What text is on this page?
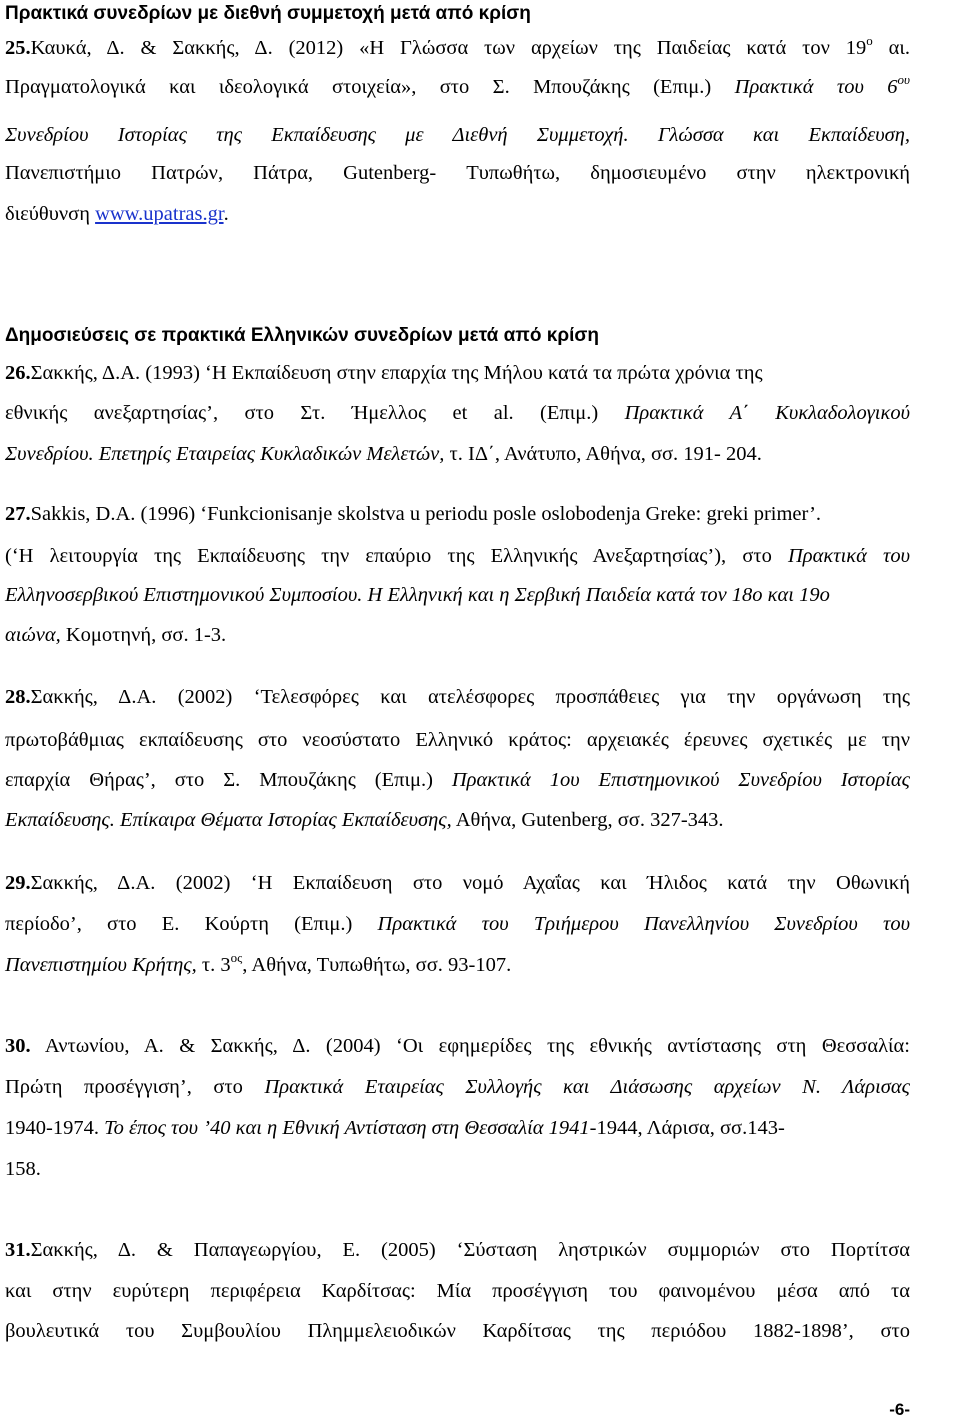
-6-
Πρακτικά συνεδρίων με διεθνή συμμετοχή μετά από κρίση
25.Καυκά, Δ. & Σακκής, Δ. (2012) «Η Γλώσσα των αρχείων της Παιδείας κατά τον $19^o$ αι.
Πραγματολογικά και ιδεολογικά στοιχεία», στο Σ. Μπουζάκης (Επιμ.) Πρακτικά του $6^{o\upsilon}$
Συνεδρίου Ιστορίας της Εκπαίδευσης με Διεθνή Συμμετοχή. Γλώσσα και Εκπαίδευση,
Πανεπιστήμιο Πατρών, Πάτρα, Gutenberg- Τυπωθήτω, δημοσιευμένο στην ηλεκτρονική
διεύθυνση www.upatras.gr.
Δημοσιεύσεις σε πρακτικά Ελληνικών συνεδρίων μετά από κρίση
26.Σακκής, Δ.Α. (1993) ‘Η Εκπαίδευση στην επαρχία της Μήλου κατά τα πρώτα χρόνια της
εθνικής ανεξαρτησίας’, στο Στ. Ήμελλος et al. (Επιμ.) Πρακτικά Α΄ Κυκλαδολογικού
Συνεδρίου. Επετηρίς Εταιρείας Κυκλαδικών Μελετών, τ. ΙΔ΄, Ανάτυπο, Αθήνα, σσ. 191- 204.
27.Sakkis, D.A. (1996) ‘Funkcionisanje skolstva u periodu posle oslobodenja Greke: greki primer’.
(‘Η λειτουργία της Εκπαίδευσης την επαύριο της Ελληνικής Ανεξαρτησίας’), στο Πρακτικά του
Ελληνοσερβικού Επιστημονικού Συμποσίου. Η Ελληνική και η Σερβική Παιδεία κατά τον 18ο και 19ο
αιώνα, Κομοτηνή, σσ. 1-3.
28.Σακκής, Δ.Α. (2002) ‘Τελεσφόρες και ατελέσφορες προσπάθειες για την οργάνωση της
πρωτοβάθμιας εκπαίδευσης στο νεοσύστατο Ελληνικό κράτος: αρχειακές έρευνες σχετικές με την
επαρχία Θήρας’, στο Σ. Μπουζάκης (Επιμ.) Πρακτικά 1ου Επιστημονικού Συνεδρίου Ιστορίας
Εκπαίδευσης. Επίκαιρα Θέματα Ιστορίας Εκπαίδευσης, Αθήνα, Gutenberg, σσ. 327-343.
29.Σακκής, Δ.Α. (2002) ‘Η Εκπαίδευση στο νομό Αχαΐας και Ήλιδος κατά την Οθωνική
περίοδο’, στο Ε. Κούρτη (Επιμ.) Πρακτικά του Τριήμερου Πανελληνίου Συνεδρίου του
Πανεπιστημίου Κρήτης, τ. $3^{o\varsigma}$, Αθήνα, Τυπωθήτω, σσ. 93-107.
30. Αντωνίου, Α. & Σακκής, Δ. (2004) ‘Οι εφημερίδες της εθνικής αντίστασης στη Θεσσαλία:
Πρώτη προσέγγιση’, στο Πρακτικά Εταιρείας Συλλογής και Διάσωσης αρχείων Ν. Λάρισας
1940-1974. Το έπος του ’40 και η Εθνική Αντίσταση στη Θεσσαλία 1941-1944, Λάρισα, σσ.143-
158.
31.Σακκής, Δ. & Παπαγεωργίου, Ε. (2005) ‘Σύσταση ληστρικών συμμοριών στο Πορτίτσα
και στην ευρύτερη περιφέρεια Καρδίτσας: Μία προσέγγιση του φαινομένου μέσα από τα
βουλευτικά του Συμβουλίου Πλημμελειοδικών Καρδίτσας της περιόδου 1882-1898’, στο
